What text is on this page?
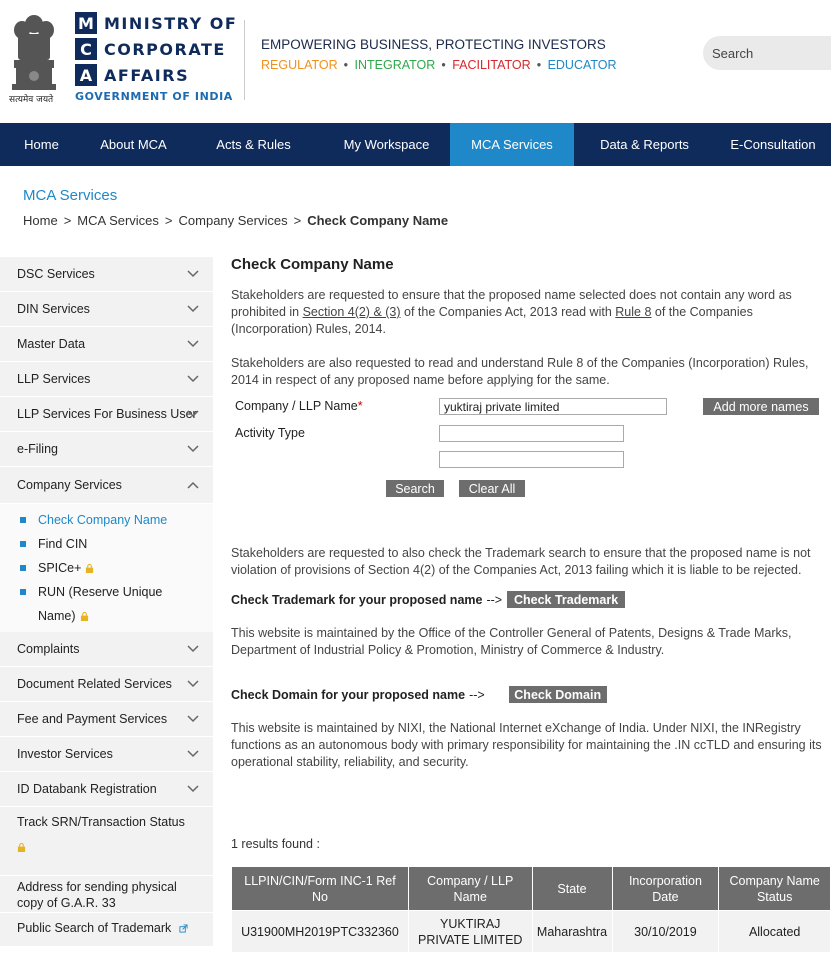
सत्यमेव जयते
M MINISTRY OF
C CORPORATE
A AFFAIRS
GOVERNMENT OF INDIA
EMPOWERING BUSINESS, PROTECTING INVESTORS
REGULATOR • INTEGRATOR • FACILITATOR • EDUCATOR
Search
Home	About MCA	Acts & Rules	My Workspace	MCA Services	Data & Reports	E-Consultation
MCA Services
Home > MCA Services > Company Services > Check Company Name
DSC Services
DIN Services
Master Data
LLP Services
LLP Services For Business User
e-Filing
Company Services
Check Company Name
Find CIN
SPICe+
RUN (Reserve Unique Name)
Complaints
Document Related Services
Fee and Payment Services
Investor Services
ID Databank Registration
Track SRN/Transaction Status
Address for sending physical copy of G.A.R. 33
Public Search of Trademark
Check Company Name

Stakeholders are requested to ensure that the proposed name selected does not contain any word as prohibited in Section 4(2) & (3) of the Companies Act, 2013 read with Rule 8 of the Companies (Incorporation) Rules, 2014.

Stakeholders are also requested to read and understand Rule 8 of the Companies (Incorporation) Rules, 2014 in respect of any proposed name before applying for the same.

Company / LLP Name*
yuktiraj private limited	Add more names
Activity Type
Search	Clear All

Stakeholders are requested to also check the Trademark search to ensure that the proposed name is not violation of provisions of Section 4(2) of the Companies Act, 2013 failing which it is liable to be rejected.

Check Trademark for your proposed name --> Check Trademark

This website is maintained by the Office of the Controller General of Patents, Designs & Trade Marks, Department of Industrial Policy & Promotion, Ministry of Commerce & Industry.

Check Domain for your proposed name -->	Check Domain

This website is maintained by NIXI, the National Internet eXchange of India. Under NIXI, the INRegistry functions as an autonomous body with primary responsibility for maintaining the .IN ccTLD and ensuring its operational stability, reliability, and security.

1 results found :
LLPIN/CIN/Form INC-1 Ref No	Company / LLP Name	State	Incorporation Date	Company Name Status
U31900MH2019PTC332360	YUKTIRAJ PRIVATE LIMITED	Maharashtra	30/10/2019	Allocated
